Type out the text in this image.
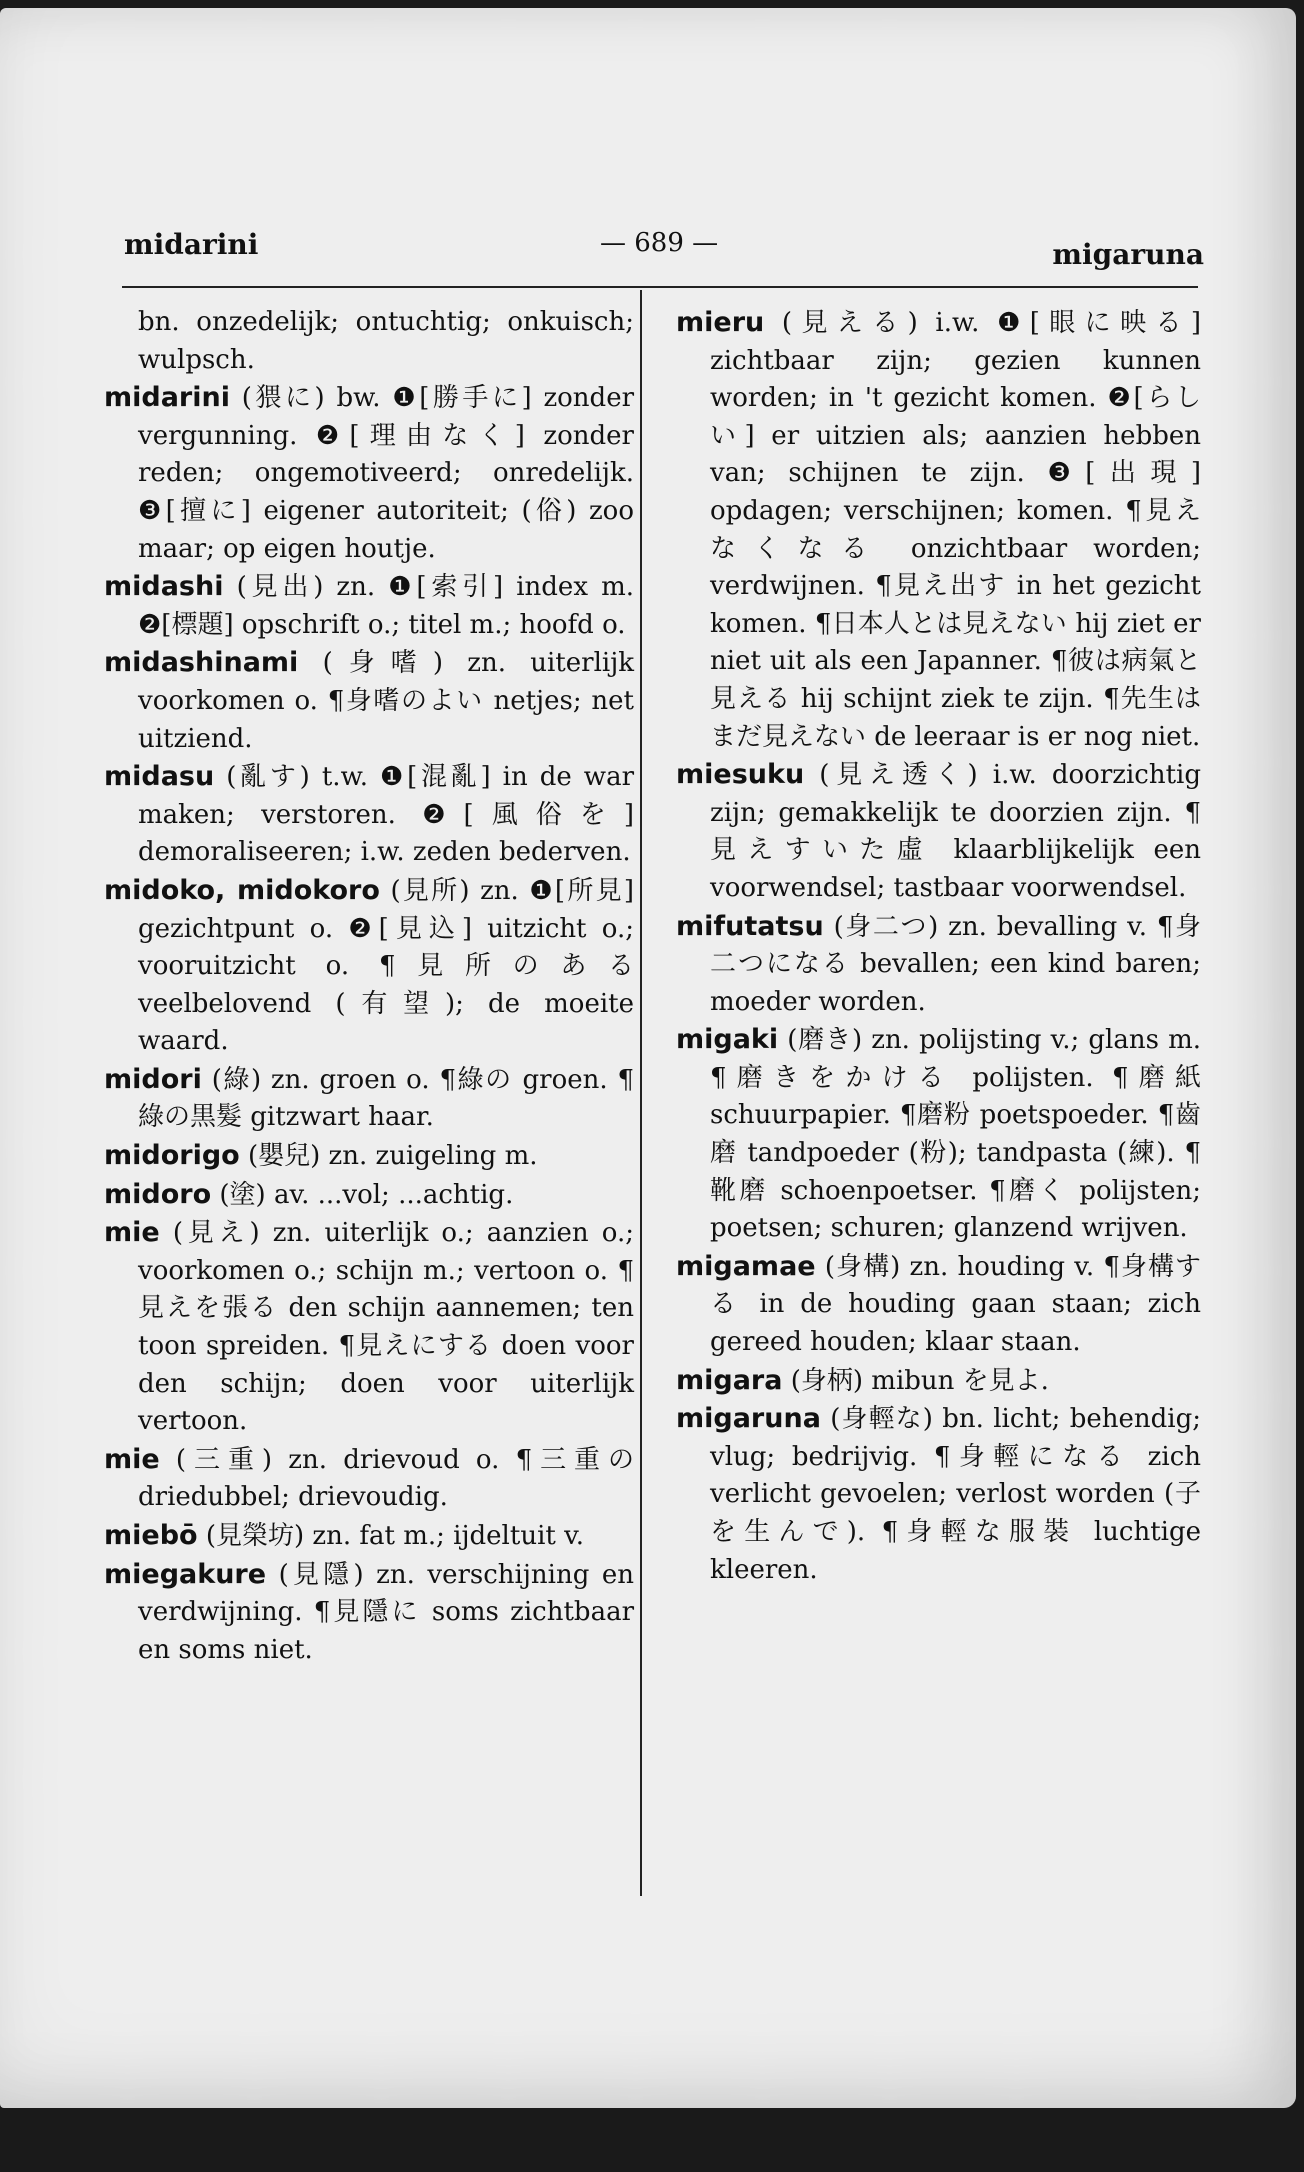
midarini	— 689 —	migaruna

bn. onzedelijk; ontuchtig; onkuisch; wulpsch.

midarini (猥に) bw. ❶[勝手に] zonder vergunning. ❷[理由なく] zonder reden; ongemotiveerd; onredelijk. ❸[擅に] eigener autoriteit; (俗) zoo maar; op eigen houtje.

midashi (見出) zn. ❶[索引] index m. ❷[標題] opschrift o.; titel m.; hoofd o.

midashinami (身嗜) zn. uiterlijk voorkomen o. ¶身嗜のよい netjes; net uitziend.

midasu (亂す) t.w. ❶[混亂] in de war maken; verstoren. ❷[風俗を] demoraliseeren; i.w. zeden bederven.

midoko, midokoro (見所) zn. ❶[所見] gezichtpunt o. ❷[見込] uitzicht o.; vooruitzicht o. ¶見所のある veelbelovend (有望); de moeite waard.

midori (綠) zn. groen o. ¶綠の groen. ¶綠の黒髮 gitzwart haar.

midorigo (嬰兒) zn. zuigeling m.

midoro (塗) av. ...vol; ...achtig.

mie (見え) zn. uiterlijk o.; aanzien o.; voorkomen o.; schijn m.; vertoon o. ¶見えを張る den schijn aannemen; ten toon spreiden. ¶見えにする doen voor den schijn; doen voor uiterlijk vertoon.

mie (三重) zn. drievoud o. ¶三重の driedubbel; drievoudig.

miebō (見榮坊) zn. fat m.; ijdeltuit v.

miegakure (見隱) zn. verschijning en verdwijning. ¶見隱に soms zichtbaar en soms niet.

mieru (見える) i.w. ❶[眼に映る] zichtbaar zijn; gezien kunnen worden; in 't gezicht komen. ❷[らしい] er uitzien als; aanzien hebben van; schijnen te zijn. ❸[出現] opdagen; verschijnen; komen. ¶見えなくなる onzichtbaar worden; verdwijnen. ¶見え出す in het gezicht komen. ¶日本人とは見えない hij ziet er niet uit als een Japanner. ¶彼は病氣と見える hij schijnt ziek te zijn. ¶先生はまだ見えない de leeraar is er nog niet.

miesuku (見え透く) i.w. doorzichtig zijn; gemakkelijk te doorzien zijn. ¶見えすいた虛 klaarblijkelijk een voorwendsel; tastbaar voorwendsel.

mifutatsu (身二つ) zn. bevalling v. ¶身二つになる bevallen; een kind baren; moeder worden.

migaki (磨き) zn. polijsting v.; glans m. ¶磨きをかける polijsten. ¶磨紙 schuurpapier. ¶磨粉 poetspoeder. ¶齒磨 tandpoeder (粉); tandpasta (練). ¶靴磨 schoenpoetser. ¶磨く polijsten; poetsen; schuren; glanzend wrijven.

migamae (身構) zn. houding v. ¶身構する in de houding gaan staan; zich gereed houden; klaar staan.

migara (身柄) mibun を見よ.

migaruna (身輕な) bn. licht; behendig; vlug; bedrijvig. ¶身輕になる zich verlicht gevoelen; verlost worden (子を生んで). ¶身輕な服裝 luchtige kleeren.
